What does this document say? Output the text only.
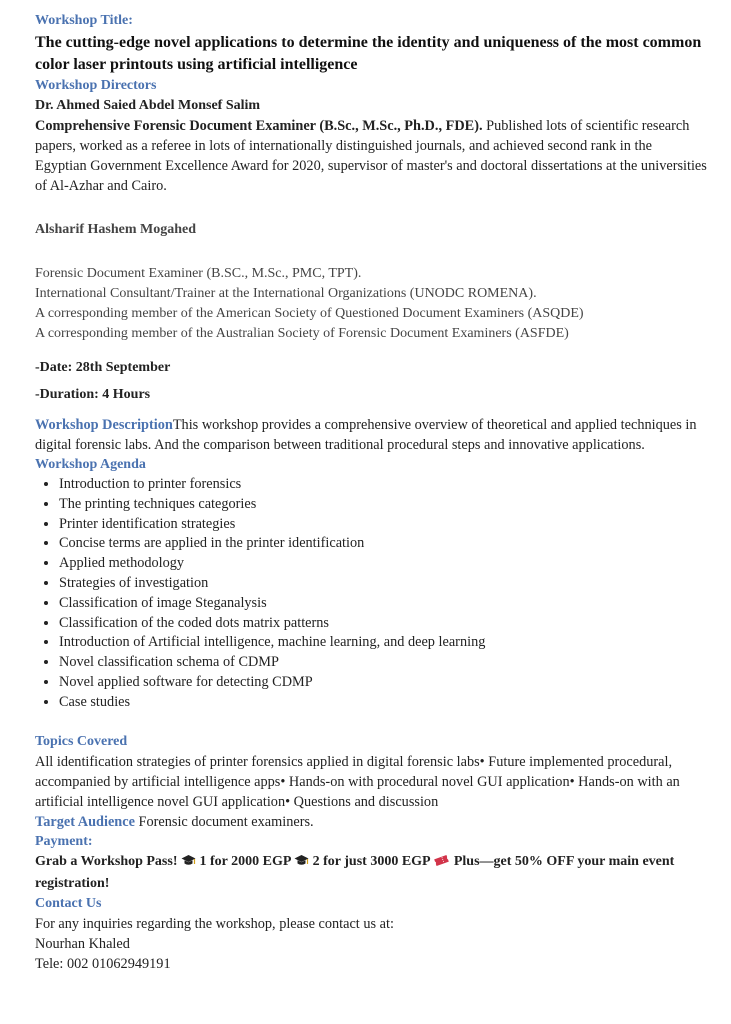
Workshop Title:
The cutting-edge novel applications to determine the identity and uniqueness of the most common color laser printouts using artificial intelligence
Workshop Directors
Dr. Ahmed Saied Abdel Monsef Salim
Comprehensive Forensic Document Examiner (B.Sc., M.Sc., Ph.D., FDE). Published lots of scientific research papers, worked as a referee in lots of internationally distinguished journals, and achieved second rank in the Egyptian Government Excellence Award for 2020, supervisor of master's and doctoral dissertations at the universities of Al-Azhar and Cairo.
Alsharif Hashem Mogahed
Forensic Document Examiner (B.SC., M.Sc., PMC, TPT).
International Consultant/Trainer at the International Organizations (UNODC ROMENA).
A corresponding member of the American Society of Questioned Document Examiners (ASQDE)
A corresponding member of the Australian Society of Forensic Document Examiners (ASFDE)
-Date: 28th September
-Duration: 4 Hours
Workshop DescriptionThis workshop provides a comprehensive overview of theoretical and applied techniques in digital forensic labs. And the comparison between traditional procedural steps and innovative applications.
Workshop Agenda
• Introduction to printer forensics
• The printing techniques categories
• Printer identification strategies
• Concise terms are applied in the printer identification
• Applied methodology
• Strategies of investigation
• Classification of image Steganalysis
• Classification of the coded dots matrix patterns
• Introduction of Artificial intelligence, machine learning, and deep learning
• Novel classification schema of CDMP
• Novel applied software for detecting CDMP
• Case studies
Topics Covered
All identification strategies of printer forensics applied in digital forensic labs• Future implemented procedural, accompanied by artificial intelligence apps• Hands-on with procedural novel GUI application• Hands-on with an artificial intelligence novel GUI application• Questions and discussion
Target Audience Forensic document examiners.
Payment:
Grab a Workshop Pass!  1 for 2000 EGP  2 for just 3000 EGP  Plus—get 50% OFF your main event registration!
Contact Us
For any inquiries regarding the workshop, please contact us at:
Nourhan Khaled
Tele: 002 01062949191
